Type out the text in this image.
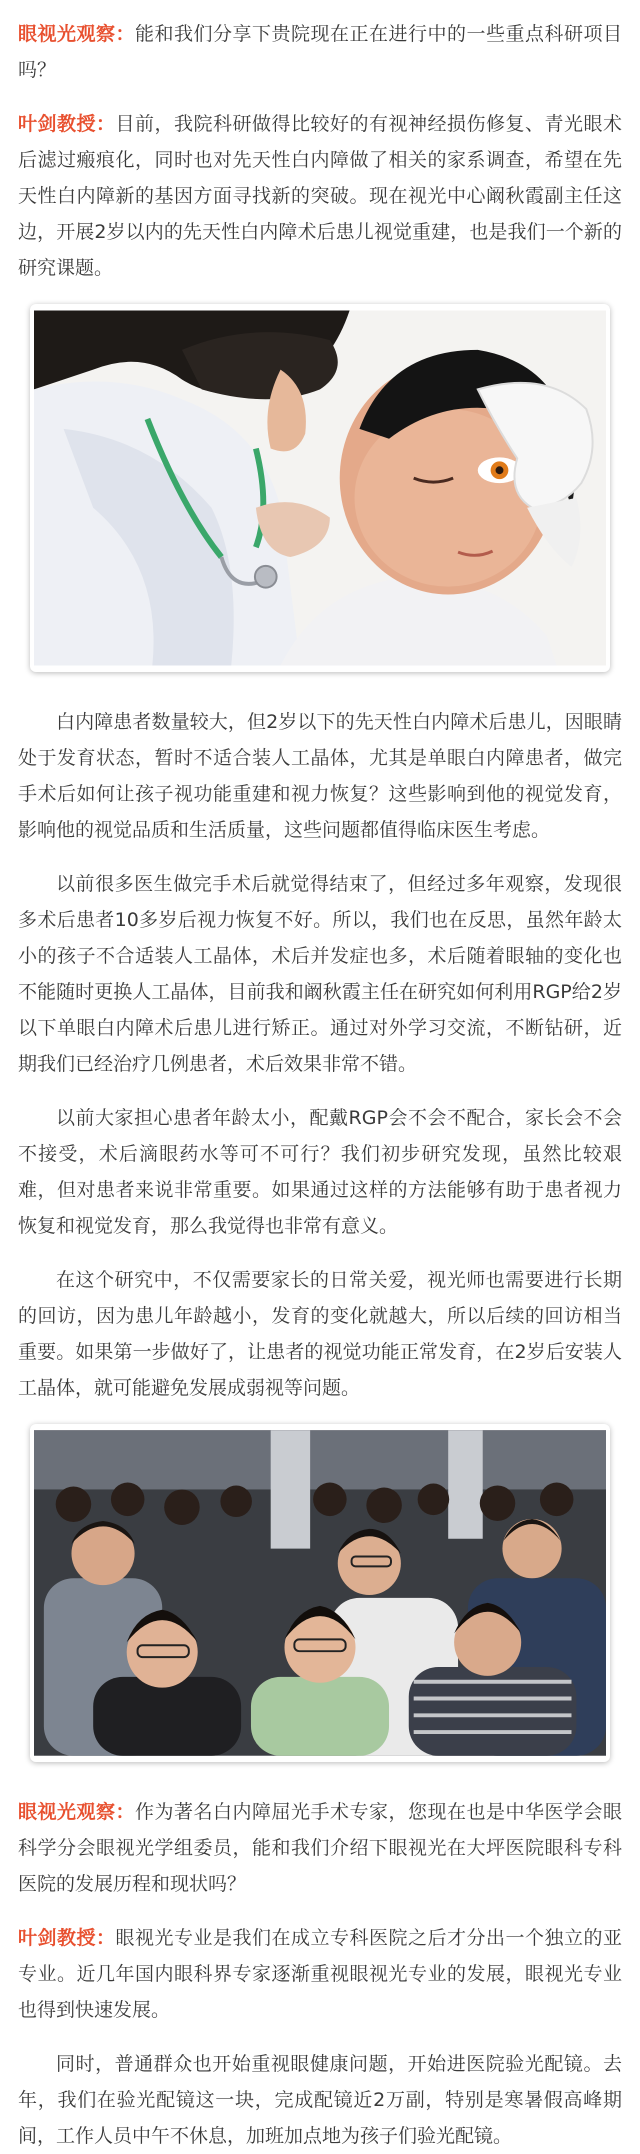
眼视光观察：能和我们分享下贵院现在正在进行中的一些重点科研项目吗？

叶剑教授：目前，我院科研做得比较好的有视神经损伤修复、青光眼术后滤过瘢痕化，同时也对先天性白内障做了相关的家系调查，希望在先天性白内障新的基因方面寻找新的突破。现在视光中心阚秋霞副主任这边，开展2岁以内的先天性白内障术后患儿视觉重建，也是我们一个新的研究课题。

白内障患者数量较大，但2岁以下的先天性白内障术后患儿，因眼睛处于发育状态，暂时不适合装人工晶体，尤其是单眼白内障患者，做完手术后如何让孩子视功能重建和视力恢复？这些影响到他的视觉发育，影响他的视觉品质和生活质量，这些问题都值得临床医生考虑。

以前很多医生做完手术后就觉得结束了，但经过多年观察，发现很多术后患者10多岁后视力恢复不好。所以，我们也在反思，虽然年龄太小的孩子不合适装人工晶体，术后并发症也多，术后随着眼轴的变化也不能随时更换人工晶体，目前我和阚秋霞主任在研究如何利用RGP给2岁以下单眼白内障术后患儿进行矫正。通过对外学习交流，不断钻研，近期我们已经治疗几例患者，术后效果非常不错。

以前大家担心患者年龄太小，配戴RGP会不会不配合，家长会不会不接受，术后滴眼药水等可不可行？我们初步研究发现，虽然比较艰难，但对患者来说非常重要。如果通过这样的方法能够有助于患者视力恢复和视觉发育，那么我觉得也非常有意义。

在这个研究中，不仅需要家长的日常关爱，视光师也需要进行长期的回访，因为患儿年龄越小，发育的变化就越大，所以后续的回访相当重要。如果第一步做好了，让患者的视觉功能正常发育，在2岁后安装人工晶体，就可能避免发展成弱视等问题。

眼视光观察：作为著名白内障屈光手术专家，您现在也是中华医学会眼科学分会眼视光学组委员，能和我们介绍下眼视光在大坪医院眼科专科医院的发展历程和现状吗？

叶剑教授：眼视光专业是我们在成立专科医院之后才分出一个独立的亚专业。近几年国内眼科界专家逐渐重视眼视光专业的发展，眼视光专业也得到快速发展。

同时，普通群众也开始重视眼健康问题，开始进医院验光配镜。去年，我们在验光配镜这一块，完成配镜近2万副，特别是寒暑假高峰期间，工作人员中午不休息，加班加点地为孩子们验光配镜。
